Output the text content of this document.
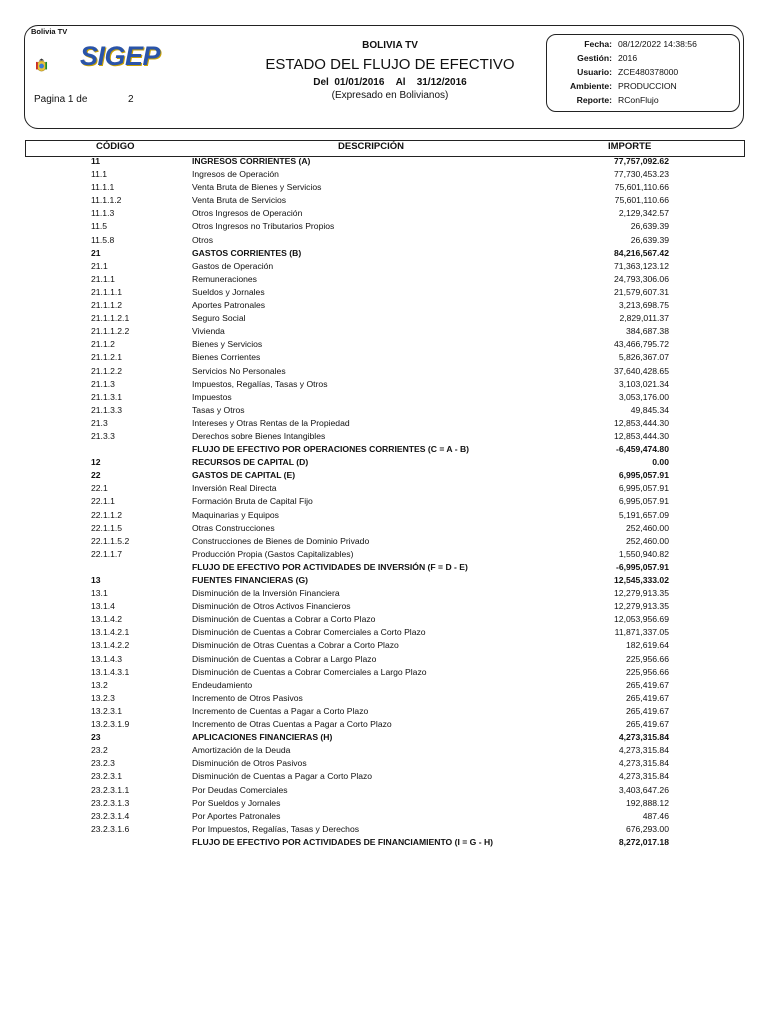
Bolivia TV
SIGEP
Pagina 1 de	2
BOLIVIA TV
ESTADO DEL FLUJO DE EFECTIVO
Del 01/01/2016 Al 31/12/2016
(Expresado en Bolivianos)
Fecha: 08/12/2022 14:38:56
Gestión: 2016
Usuario: ZCE480378000
Ambiente: PRODUCCION
Reporte: RConFlujo
CÓDIGO	DESCRIPCIÓN	IMPORTE
11	INGRESOS CORRIENTES (A)	77,757,092.62
11.1	Ingresos de Operación	77,730,453.23
11.1.1	Venta Bruta de Bienes y Servicios	75,601,110.66
11.1.1.2	Venta Bruta de Servicios	75,601,110.66
11.1.3	Otros Ingresos de Operación	2,129,342.57
11.5	Otros Ingresos no Tributarios Propios	26,639.39
11.5.8	Otros	26,639.39
21	GASTOS CORRIENTES (B)	84,216,567.42
21.1	Gastos de Operación	71,363,123.12
21.1.1	Remuneraciones	24,793,306.06
21.1.1.1	Sueldos y Jornales	21,579,607.31
21.1.1.2	Aportes Patronales	3,213,698.75
21.1.1.2.1	Seguro Social	2,829,011.37
21.1.1.2.2	Vivienda	384,687.38
21.1.2	Bienes y Servicios	43,466,795.72
21.1.2.1	Bienes Corrientes	5,826,367.07
21.1.2.2	Servicios No Personales	37,640,428.65
21.1.3	Impuestos, Regalías, Tasas y Otros	3,103,021.34
21.1.3.1	Impuestos	3,053,176.00
21.1.3.3	Tasas y Otros	49,845.34
21.3	Intereses y Otras Rentas de la Propiedad	12,853,444.30
21.3.3	Derechos sobre Bienes Intangibles	12,853,444.30
FLUJO DE EFECTIVO POR OPERACIONES CORRIENTES (C = A - B)	-6,459,474.80
12	RECURSOS DE CAPITAL (D)	0.00
22	GASTOS DE CAPITAL (E)	6,995,057.91
22.1	Inversión Real Directa	6,995,057.91
22.1.1	Formación Bruta de Capital Fijo	6,995,057.91
22.1.1.2	Maquinarias y Equipos	5,191,657.09
22.1.1.5	Otras Construcciones	252,460.00
22.1.1.5.2	Construcciones de Bienes de Dominio Privado	252,460.00
22.1.1.7	Producción Propia (Gastos Capitalizables)	1,550,940.82
FLUJO DE EFECTIVO POR ACTIVIDADES DE INVERSIÓN (F = D - E)	-6,995,057.91
13	FUENTES FINANCIERAS (G)	12,545,333.02
13.1	Disminución de la Inversión Financiera	12,279,913.35
13.1.4	Disminución de Otros Activos Financieros	12,279,913.35
13.1.4.2	Disminución de Cuentas a Cobrar a Corto Plazo	12,053,956.69
13.1.4.2.1	Disminución de Cuentas a Cobrar Comerciales a Corto Plazo	11,871,337.05
13.1.4.2.2	Disminución de Otras Cuentas a Cobrar a Corto Plazo	182,619.64
13.1.4.3	Disminución de Cuentas a Cobrar a Largo Plazo	225,956.66
13.1.4.3.1	Disminución de Cuentas a Cobrar Comerciales a Largo Plazo	225,956.66
13.2	Endeudamiento	265,419.67
13.2.3	Incremento de Otros Pasivos	265,419.67
13.2.3.1	Incremento de Cuentas a Pagar a Corto Plazo	265,419.67
13.2.3.1.9	Incremento de Otras Cuentas a Pagar a Corto Plazo	265,419.67
23	APLICACIONES FINANCIERAS (H)	4,273,315.84
23.2	Amortización de la Deuda	4,273,315.84
23.2.3	Disminución de Otros Pasivos	4,273,315.84
23.2.3.1	Disminución de Cuentas a Pagar a Corto Plazo	4,273,315.84
23.2.3.1.1	Por Deudas Comerciales	3,403,647.26
23.2.3.1.3	Por Sueldos y Jornales	192,888.12
23.2.3.1.4	Por Aportes Patronales	487.46
23.2.3.1.6	Por Impuestos, Regalías, Tasas y Derechos	676,293.00
FLUJO DE EFECTIVO POR ACTIVIDADES DE FINANCIAMIENTO (I = G - H)	8,272,017.18
